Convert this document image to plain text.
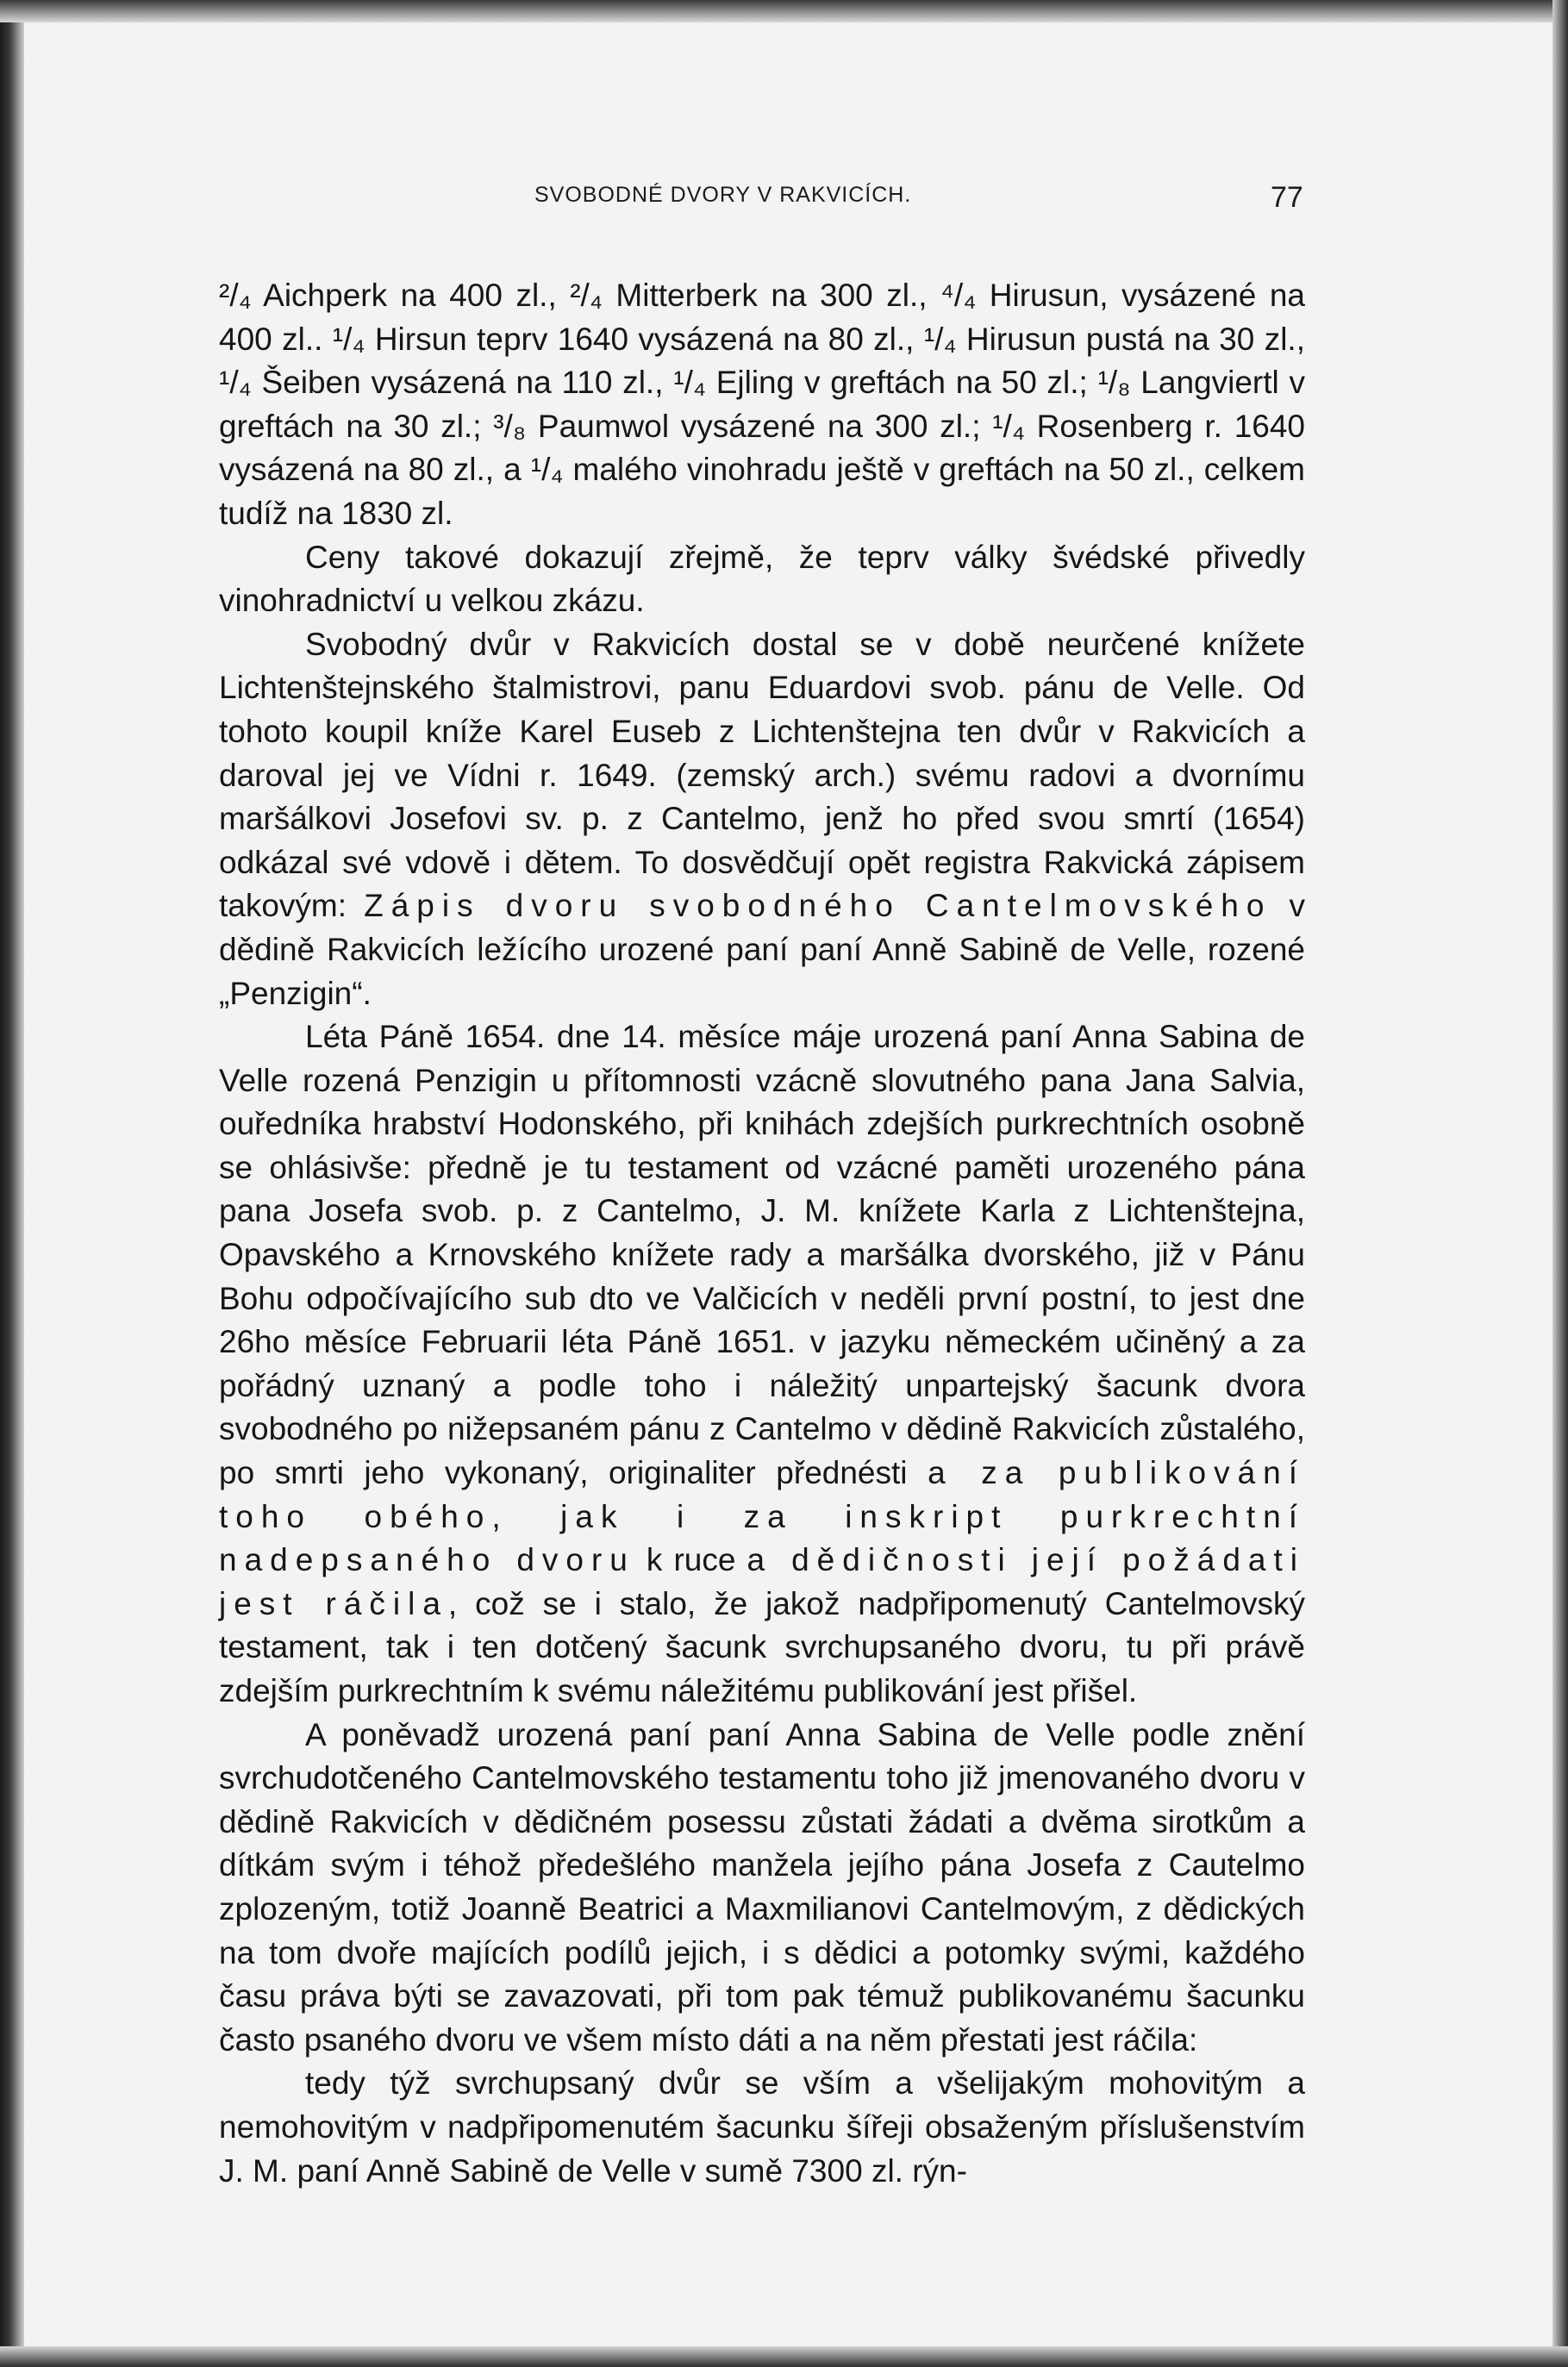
SVOBODNÉ DVORY V RAKVICÍCH.	77

²/₄ Aichperk na 400 zl., ²/₄ Mitterberk na 300 zl., ⁴/₄ Hirusun, vysázené na 400 zl.. ¹/₄ Hirsun teprv 1640 vysázená na 80 zl., ¹/₄ Hirusun pustá na 30 zl., ¹/₄ Šeiben vysázená na 110 zl., ¹/₄ Ejling v greftách na 50 zl.; ¹/₈ Langviertl v greftách na 30 zl.; ³/₈ Paumwol vysázené na 300 zl.; ¹/₄ Rosenberg r. 1640 vysázená na 80 zl., a ¹/₄ malého vinohradu ještě v greftách na 50 zl., celkem tudíž na 1830 zl.

Ceny takové dokazují zřejmě, že teprv války švédské přivedly vinohradnictví u velkou zkázu.

Svobodný dvůr v Rakvicích dostal se v době neurčené knížete Lichtenštejnského štalmistrovi, panu Eduardovi svob. pánu de Velle. Od tohoto koupil kníže Karel Euseb z Lichtenštejna ten dvůr v Rakvicích a daroval jej ve Vídni r. 1649. (zemský arch.) svému radovi a dvornímu maršálkovi Josefovi sv. p. z Cantelmo, jenž ho před svou smrtí (1654) odkázal své vdově i dětem. To dosvědčují opět registra Rakvická zápisem takovým: Zápis dvoru svobodného Cantelmovského v dědině Rakvicích ležícího urozené paní paní Anně Sabině de Velle, rozené „Penzigin“.

Léta Páně 1654. dne 14. měsíce máje urozená paní Anna Sabina de Velle rozená Penzigin u přítomnosti vzácně slovutného pana Jana Salvia, ouředníka hrabství Hodonského, při knihách zdejších purkrechtních osobně se ohlásivše: předně je tu testament od vzácné paměti urozeného pána pana Josefa svob. p. z Cantelmo, J. M. knížete Karla z Lichtenštejna, Opavského a Krnovského knížete rady a maršálka dvorského, již v Pánu Bohu odpočívajícího sub dto ve Valčicích v neděli první postní, to jest dne 26ho měsíce Februarii léta Páně 1651. v jazyku německém učiněný a za pořádný uznaný a podle toho i náležitý unpartejský šacunk dvora svobodného po nižepsaném pánu z Cantelmo v dědině Rakvicích zůstalého, po smrti jeho vykonaný, originaliter přednésti a za publikování toho obého, jak i za inskript purkrechtní nadepsaného dvoru k ruce a dědičnosti její požádati jest ráčila, což se i stalo, že jakož nadpřipomenutý Cantelmovský testament, tak i ten dotčený šacunk svrchupsaného dvoru, tu při právě zdejším purkrechtním k svému náležitému publikování jest přišel.

A poněvadž urozená paní paní Anna Sabina de Velle podle znění svrchudotčeného Cantelmovského testamentu toho již jmenovaného dvoru v dědině Rakvicích v dědičném posessu zůstati žádati a dvěma sirotkům a dítkám svým i téhož předešlého manžela jejího pána Josefa z Cautelmo zplozeným, totiž Joanně Beatrici a Maxmilianovi Cantelmovým, z dědických na tom dvoře majících podílů jejich, i s dědici a potomky svými, každého času práva býti se zavazovati, při tom pak témuž publikovanému šacunku často psaného dvoru ve všem místo dáti a na něm přestati jest ráčila:

tedy týž svrchupsaný dvůr se vším a všelijakým mohovitým a nemohovitým v nadpřipomenutém šacunku šířeji obsaženým příslušenstvím J. M. paní Anně Sabině de Velle v sumě 7300 zl. rýn-
